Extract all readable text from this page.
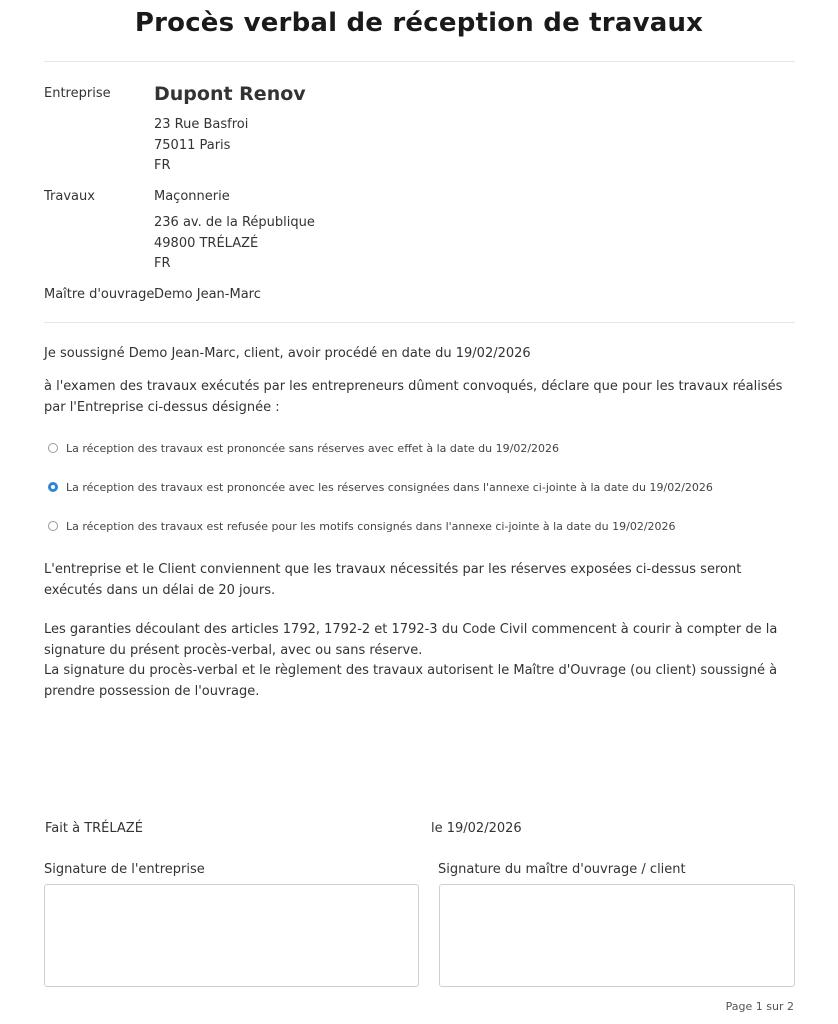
Procès verbal de réception de travaux
Entreprise Dupont Renov
23 Rue Basfroi
75011 Paris
FR
Travaux	Maçonnerie
236 av. de la République
49800 TRÉLAZÉ
FR
Maître d'ouvrage Demo Jean-Marc
Je soussigné Demo Jean-Marc, client, avoir procédé en date du 19/02/2026
à l'examen des travaux exécutés par les entrepreneurs dûment convoqués, déclare que pour les travaux réalisés par l'Entreprise ci-dessus désignée :
La réception des travaux est prononcée sans réserves avec effet à la date du 19/02/2026
La réception des travaux est prononcée avec les réserves consignées dans l'annexe ci-jointe à la date du 19/02/2026
La réception des travaux est refusée pour les motifs consignés dans l'annexe ci-jointe à la date du 19/02/2026
L'entreprise et le Client conviennent que les travaux nécessités par les réserves exposées ci-dessus seront exécutés dans un délai de 20 jours.
Les garanties découlant des articles 1792, 1792-2 et 1792-3 du Code Civil commencent à courir à compter de la signature du présent procès-verbal, avec ou sans réserve.
La signature du procès-verbal et le règlement des travaux autorisent le Maître d'Ouvrage (ou client) soussigné à prendre possession de l'ouvrage.
Fait à TRÉLAZÉ	le 19/02/2026
Signature de l'entreprise	Signature du maître d'ouvrage / client
Page 1 sur 2
